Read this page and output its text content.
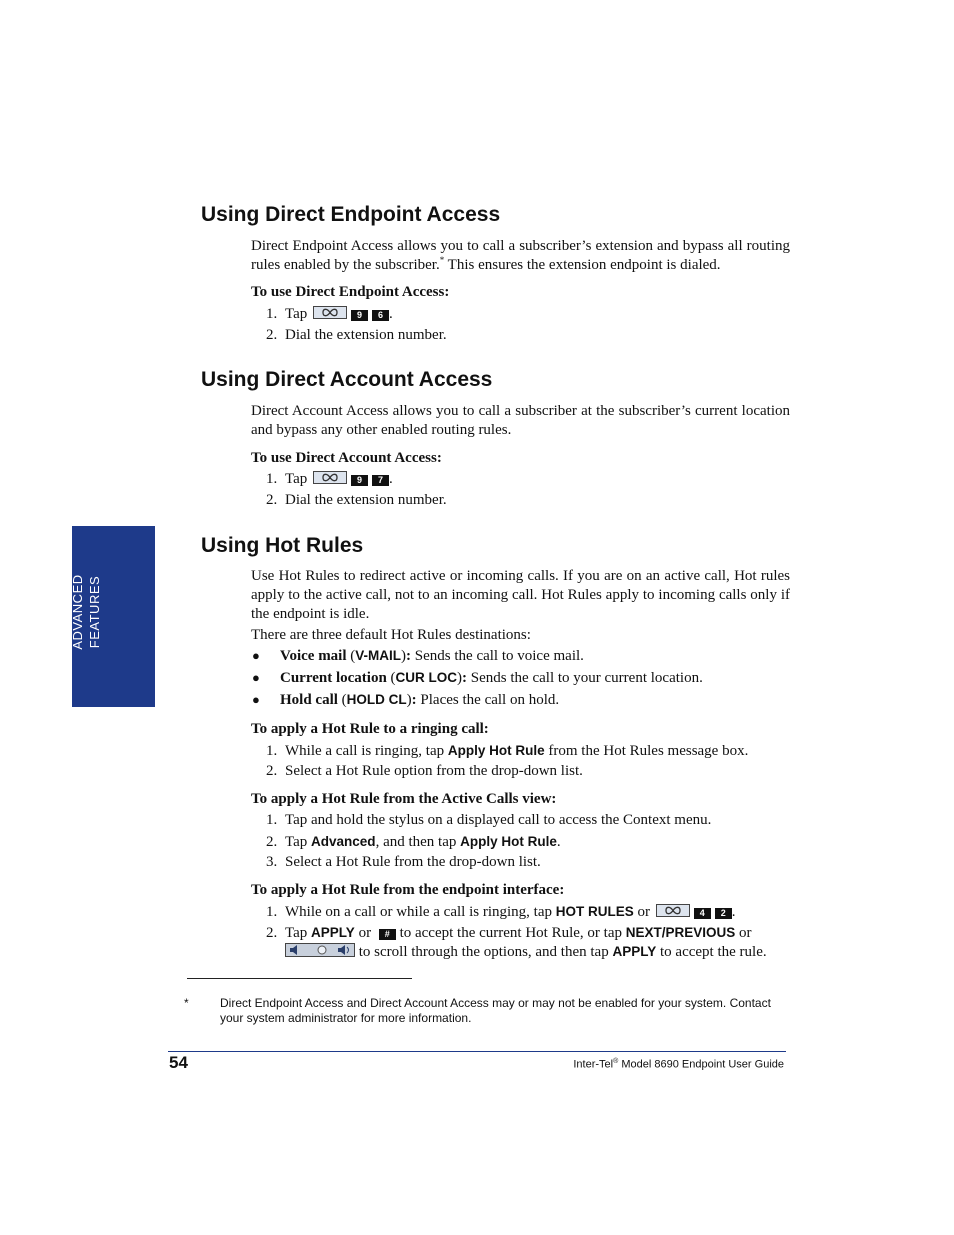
Using Direct Endpoint Access

Direct Endpoint Access allows you to call a subscriber’s extension and bypass all routing rules enabled by the subscriber.* This ensures the extension endpoint is dialed.

To use Direct Endpoint Access:

1. Tap	9 6 .
2. Dial the extension number.
Using Direct Account Access

Direct Account Access allows you to call a subscriber at the subscriber’s current location and bypass any other enabled routing rules.

To use Direct Account Access:

1. Tap	9 7 .
2. Dial the extension number.
ADVANCED FEATURES
Using Hot Rules

Use Hot Rules to redirect active or incoming calls. If you are on an active call, Hot rules apply to the active call, not to an incoming call. Hot Rules apply to incoming calls only if the endpoint is idle.

There are three default Hot Rules destinations:

● Voice mail (V-MAIL): Sends the call to voice mail.
● Current location (CUR LOC): Sends the call to your current location.
● Hold call (HOLD CL): Places the call on hold.

To apply a Hot Rule to a ringing call:

1. While a call is ringing, tap Apply Hot Rule from the Hot Rules message box.
2. Select a Hot Rule option from the drop-down list.

To apply a Hot Rule from the Active Calls view:

1. Tap and hold the stylus on a displayed call to access the Context menu.
2. Tap Advanced, and then tap Apply Hot Rule.
3. Select a Hot Rule from the drop-down list.

To apply a Hot Rule from the endpoint interface:

1. While on a call or while a call is ringing, tap HOT RULES or	4 2 .
2. Tap APPLY or # to accept the current Hot Rule, or tap NEXT/PREVIOUS or
to scroll through the options, and then tap APPLY to accept the rule.
*	Direct Endpoint Access and Direct Account Access may or may not be enabled for your system. Contact your system administrator for more information.
54	Inter-Tel® Model 8690 Endpoint User Guide
